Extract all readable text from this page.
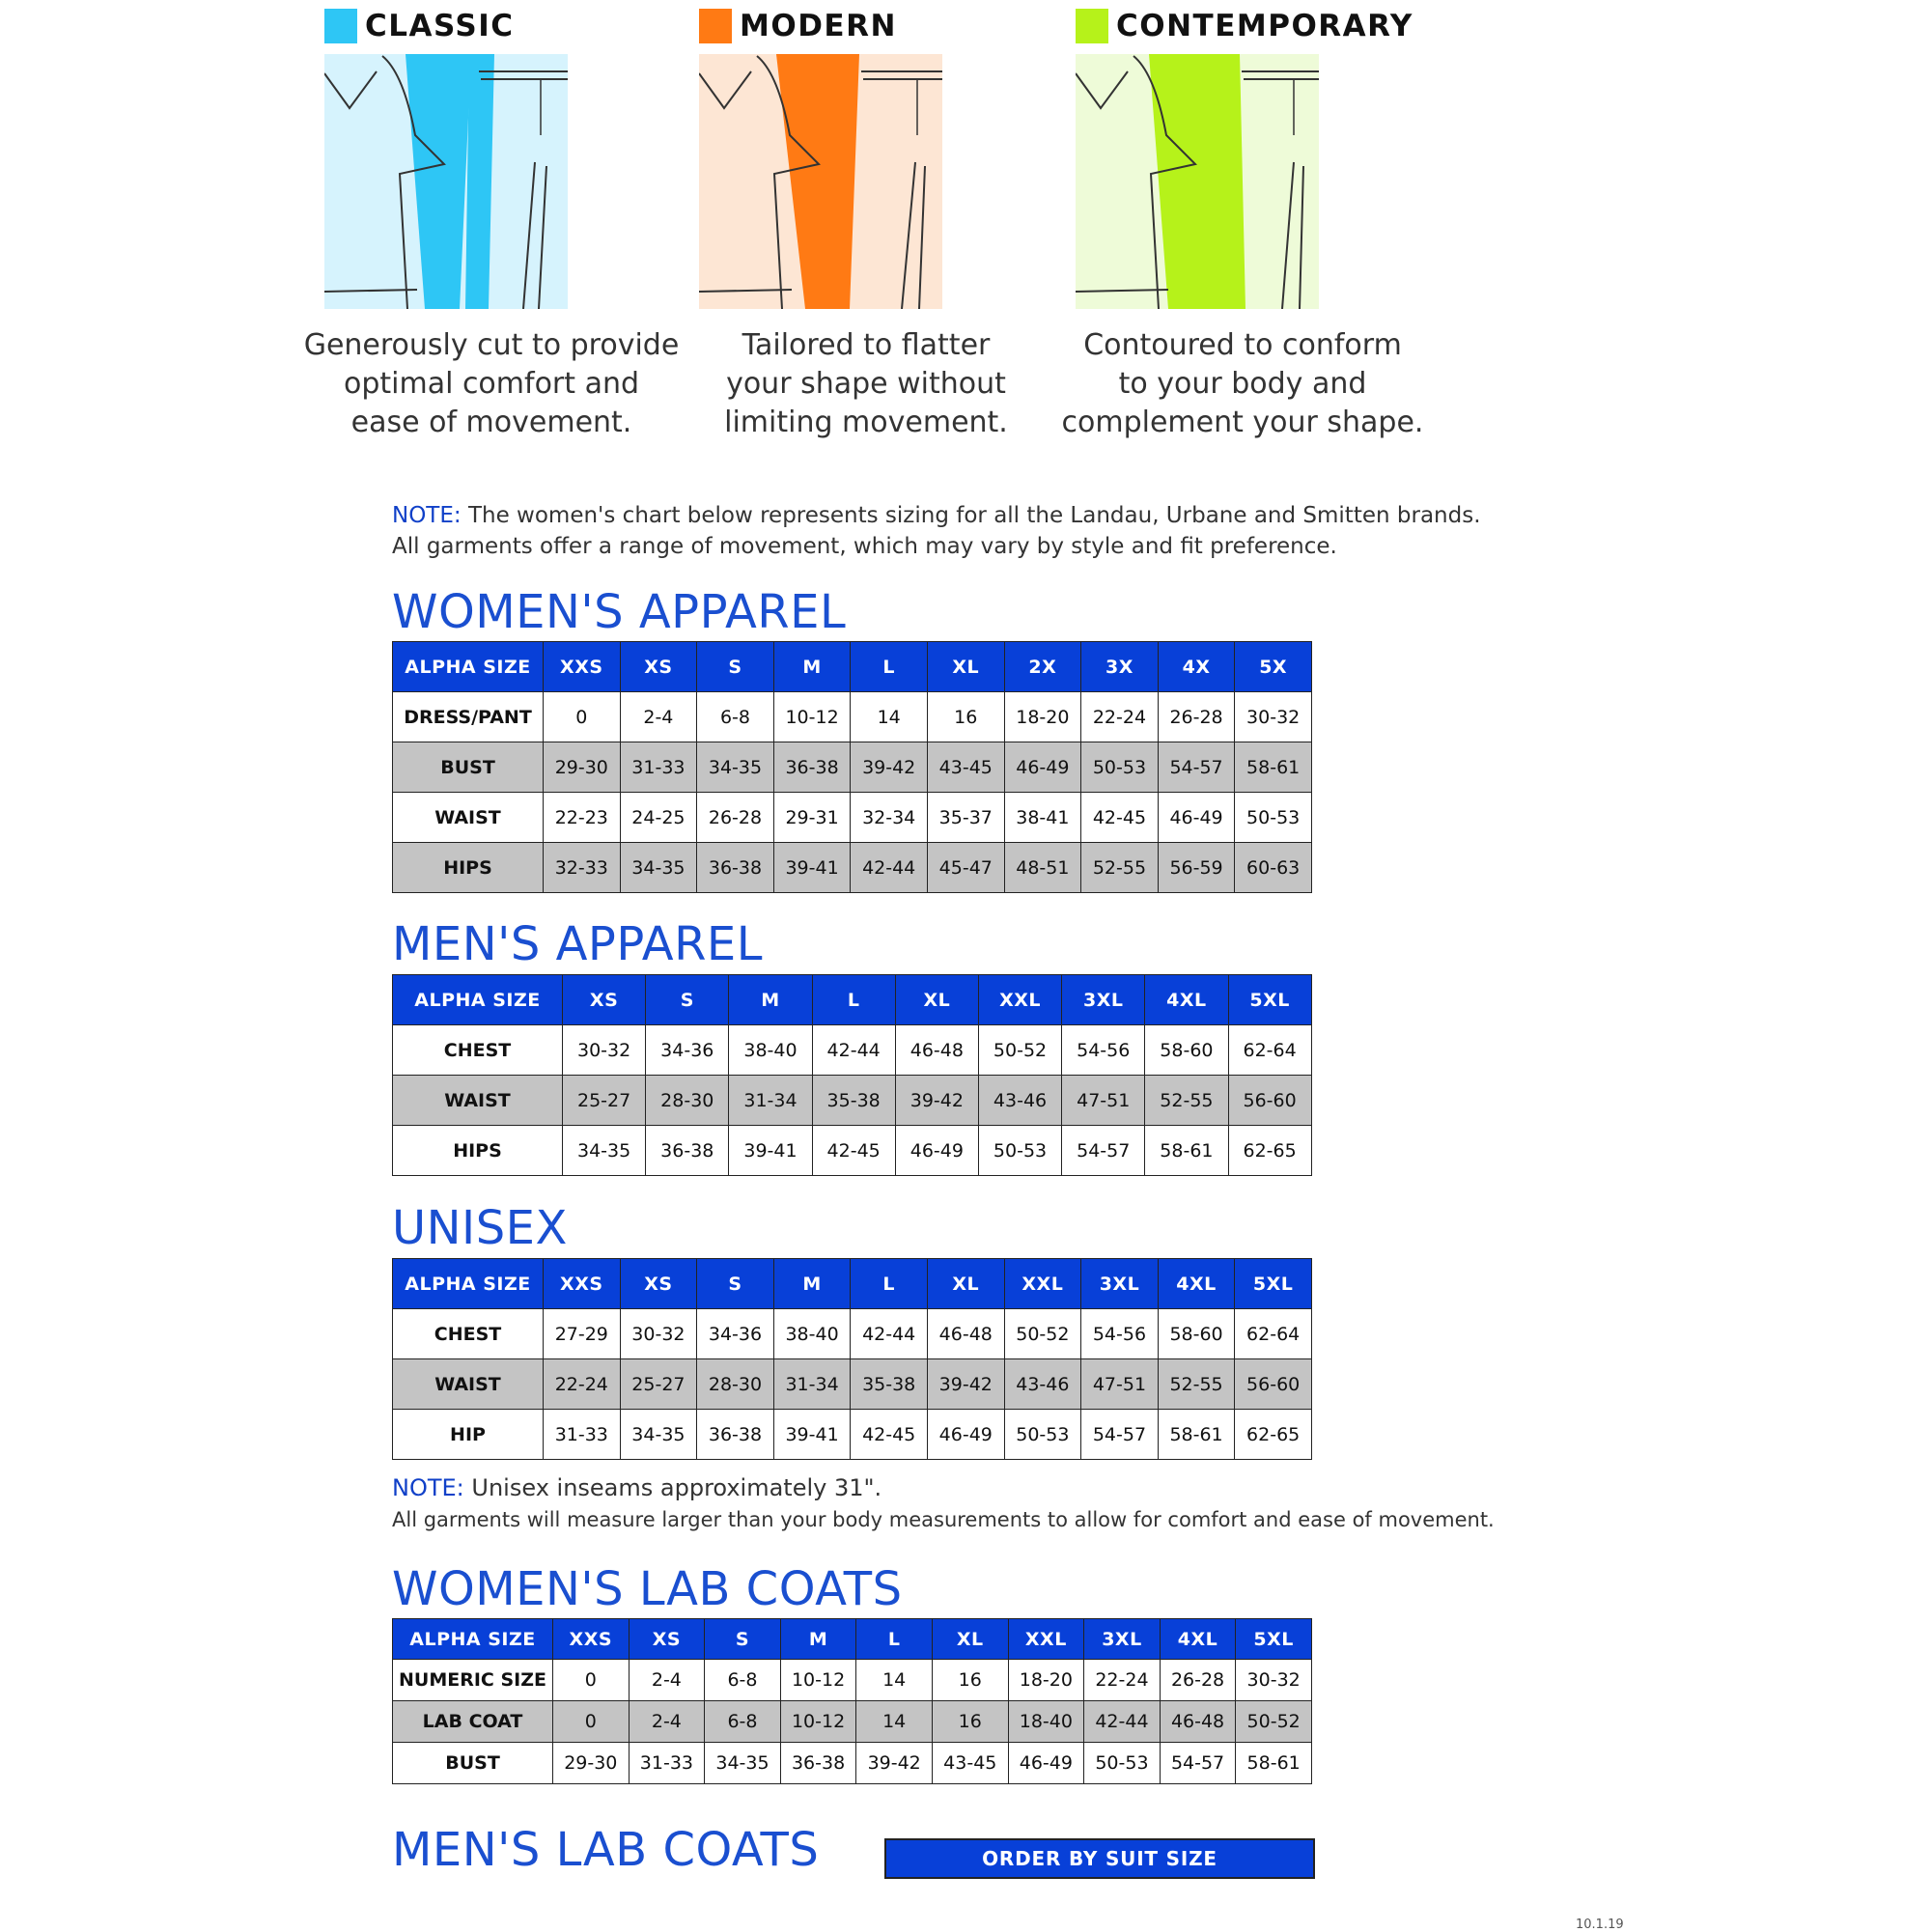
CLASSIC
Generously cut to provide
optimal comfort and
ease of movement.
MODERN
Tailored to flatter
your shape without
limiting movement.
CONTEMPORARY
Contoured to conform
to your body and
complement your shape.
NOTE: The women's chart below represents sizing for all the Landau, Urbane and Smitten brands.
All garments offer a range of movement, which may vary by style and fit preference.
WOMEN'S APPAREL
ALPHA SIZE	XXS	XS	S	M	L	XL	2X	3X	4X	5X
DRESS/PANT	0	2-4	6-8	10-12	14	16	18-20	22-24	26-28	30-32
BUST	29-30	31-33	34-35	36-38	39-42	43-45	46-49	50-53	54-57	58-61
WAIST	22-23	24-25	26-28	29-31	32-34	35-37	38-41	42-45	46-49	50-53
HIPS	32-33	34-35	36-38	39-41	42-44	45-47	48-51	52-55	56-59	60-63
MEN'S APPAREL
ALPHA SIZE	XS	S	M	L	XL	XXL	3XL	4XL	5XL
CHEST	30-32	34-36	38-40	42-44	46-48	50-52	54-56	58-60	62-64
WAIST	25-27	28-30	31-34	35-38	39-42	43-46	47-51	52-55	56-60
HIPS	34-35	36-38	39-41	42-45	46-49	50-53	54-57	58-61	62-65
UNISEX
ALPHA SIZE	XXS	XS	S	M	L	XL	XXL	3XL	4XL	5XL
CHEST	27-29	30-32	34-36	38-40	42-44	46-48	50-52	54-56	58-60	62-64
WAIST	22-24	25-27	28-30	31-34	35-38	39-42	43-46	47-51	52-55	56-60
HIP	31-33	34-35	36-38	39-41	42-45	46-49	50-53	54-57	58-61	62-65
NOTE: Unisex inseams approximately 31".
All garments will measure larger than your body measurements to allow for comfort and ease of movement.
WOMEN'S LAB COATS
ALPHA SIZE	XXS	XS	S	M	L	XL	XXL	3XL	4XL	5XL
NUMERIC SIZE	0	2-4	6-8	10-12	14	16	18-20	22-24	26-28	30-32
LAB COAT	0	2-4	6-8	10-12	14	16	18-40	42-44	46-48	50-52
BUST	29-30	31-33	34-35	36-38	39-42	43-45	46-49	50-53	54-57	58-61
MEN'S LAB COATS	ORDER BY SUIT SIZE
10.1.19
